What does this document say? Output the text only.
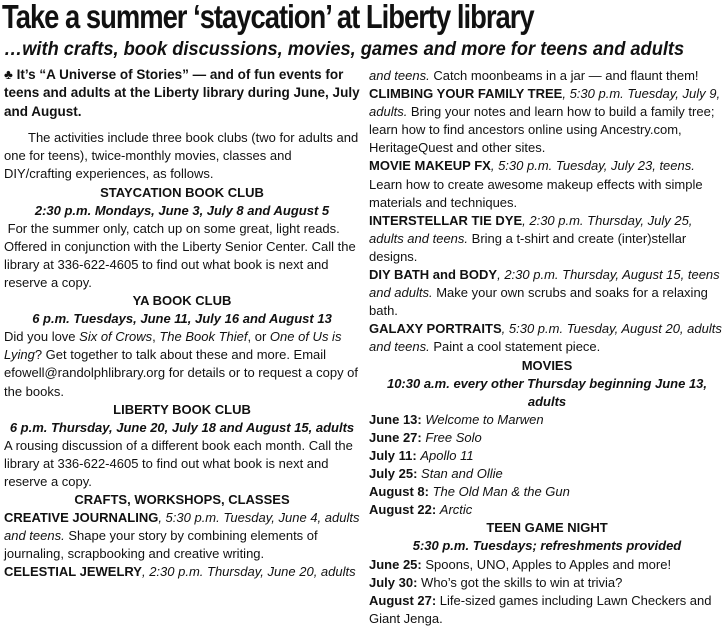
Take a summer ‘staycation’ at Liberty library
…with crafts, book discussions, movies, games and more for teens and adults

♣ It’s “A Universe of Stories” — and of fun events for teens and adults at the Liberty library during June, July and August.

The activities include three book clubs (two for adults and one for teens), twice-monthly movies, classes and DIY/crafting experiences, as follows.

STAYCATION BOOK CLUB

2:30 p.m. Mondays, June 3, July 8 and August 5

For the summer only, catch up on some great, light reads. Offered in conjunction with the Liberty Senior Center. Call the library at 336-622-4605 to find out what book is next and reserve a copy.

YA BOOK CLUB

6 p.m. Tuesdays, June 11, July 16 and August 13

Did you love Six of Crows, The Book Thief, or One of Us is Lying? Get together to talk about these and more. Email efowell@randolphlibrary.org for details or to request a copy of the books.

LIBERTY BOOK CLUB

6 p.m. Thursday, June 20, July 18 and August 15, adults

A rousing discussion of a different book each month. Call the library at 336-622-4605 to find out what book is next and reserve a copy.

CRAFTS, WORKSHOPS, CLASSES

CREATIVE JOURNALING, 5:30 p.m. Tuesday, June 4, adults and teens. Shape your story by combining elements of journaling, scrapbooking and creative writing.

CELESTIAL JEWELRY, 2:30 p.m. Thursday, June 20, adults

and teens. Catch moonbeams in a jar — and flaunt them!

CLIMBING YOUR FAMILY TREE, 5:30 p.m. Tuesday, July 9, adults. Bring your notes and learn how to build a family tree; learn how to find ancestors online using Ancestry.com, HeritageQuest and other sites.

MOVIE MAKEUP FX, 5:30 p.m. Tuesday, July 23, teens. Learn how to create awesome makeup effects with simple materials and techniques.

INTERSTELLAR TIE DYE, 2:30 p.m. Thursday, July 25, adults and teens. Bring a t-shirt and create (inter)stellar designs.

DIY BATH and BODY, 2:30 p.m. Thursday, August 15, teens and adults. Make your own scrubs and soaks for a relaxing bath.

GALAXY PORTRAITS, 5:30 p.m. Tuesday, August 20, adults and teens. Paint a cool statement piece.

MOVIES

10:30 a.m. every other Thursday beginning June 13, adults

June 13: Welcome to Marwen

June 27: Free Solo

July 11: Apollo 11

July 25: Stan and Ollie

August 8: The Old Man & the Gun

August 22: Arctic

TEEN GAME NIGHT

5:30 p.m. Tuesdays; refreshments provided

June 25: Spoons, UNO, Apples to Apples and more!

July 30: Who’s got the skills to win at trivia?

August 27: Life-sized games including Lawn Checkers and Giant Jenga.
